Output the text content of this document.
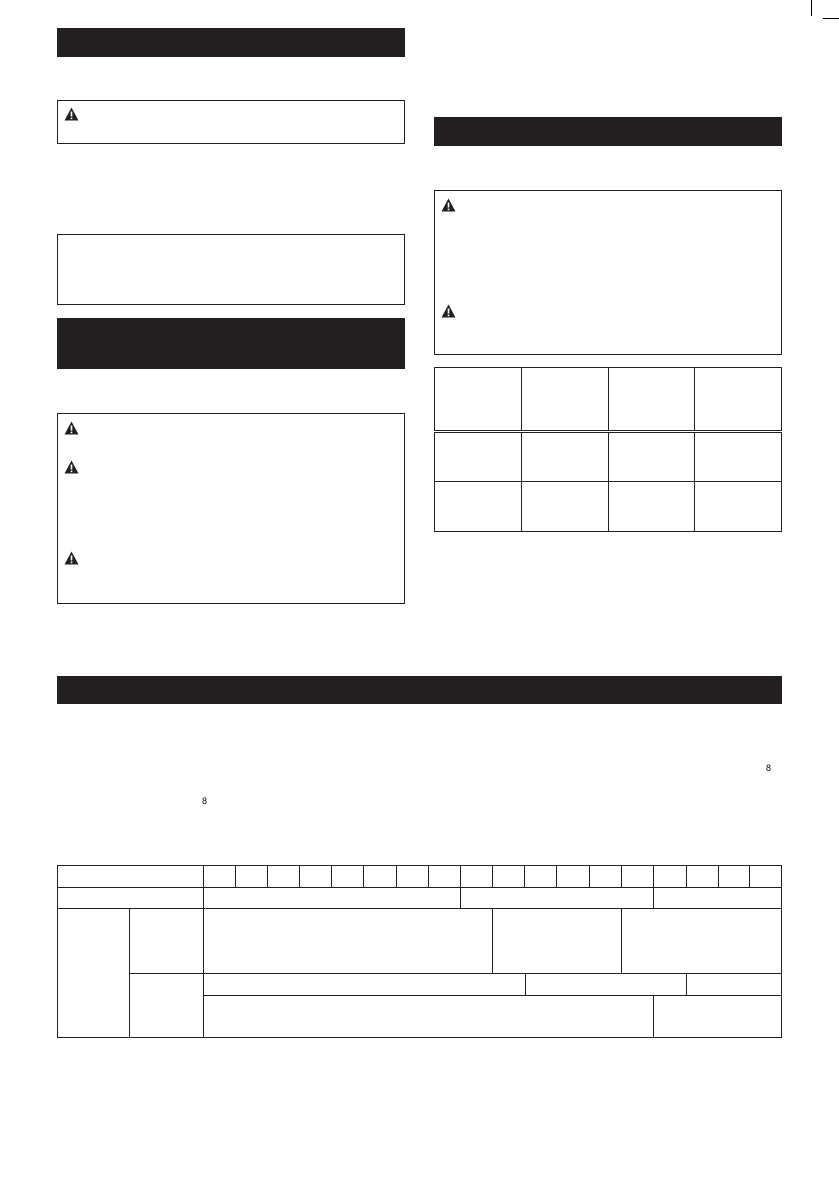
8
8
